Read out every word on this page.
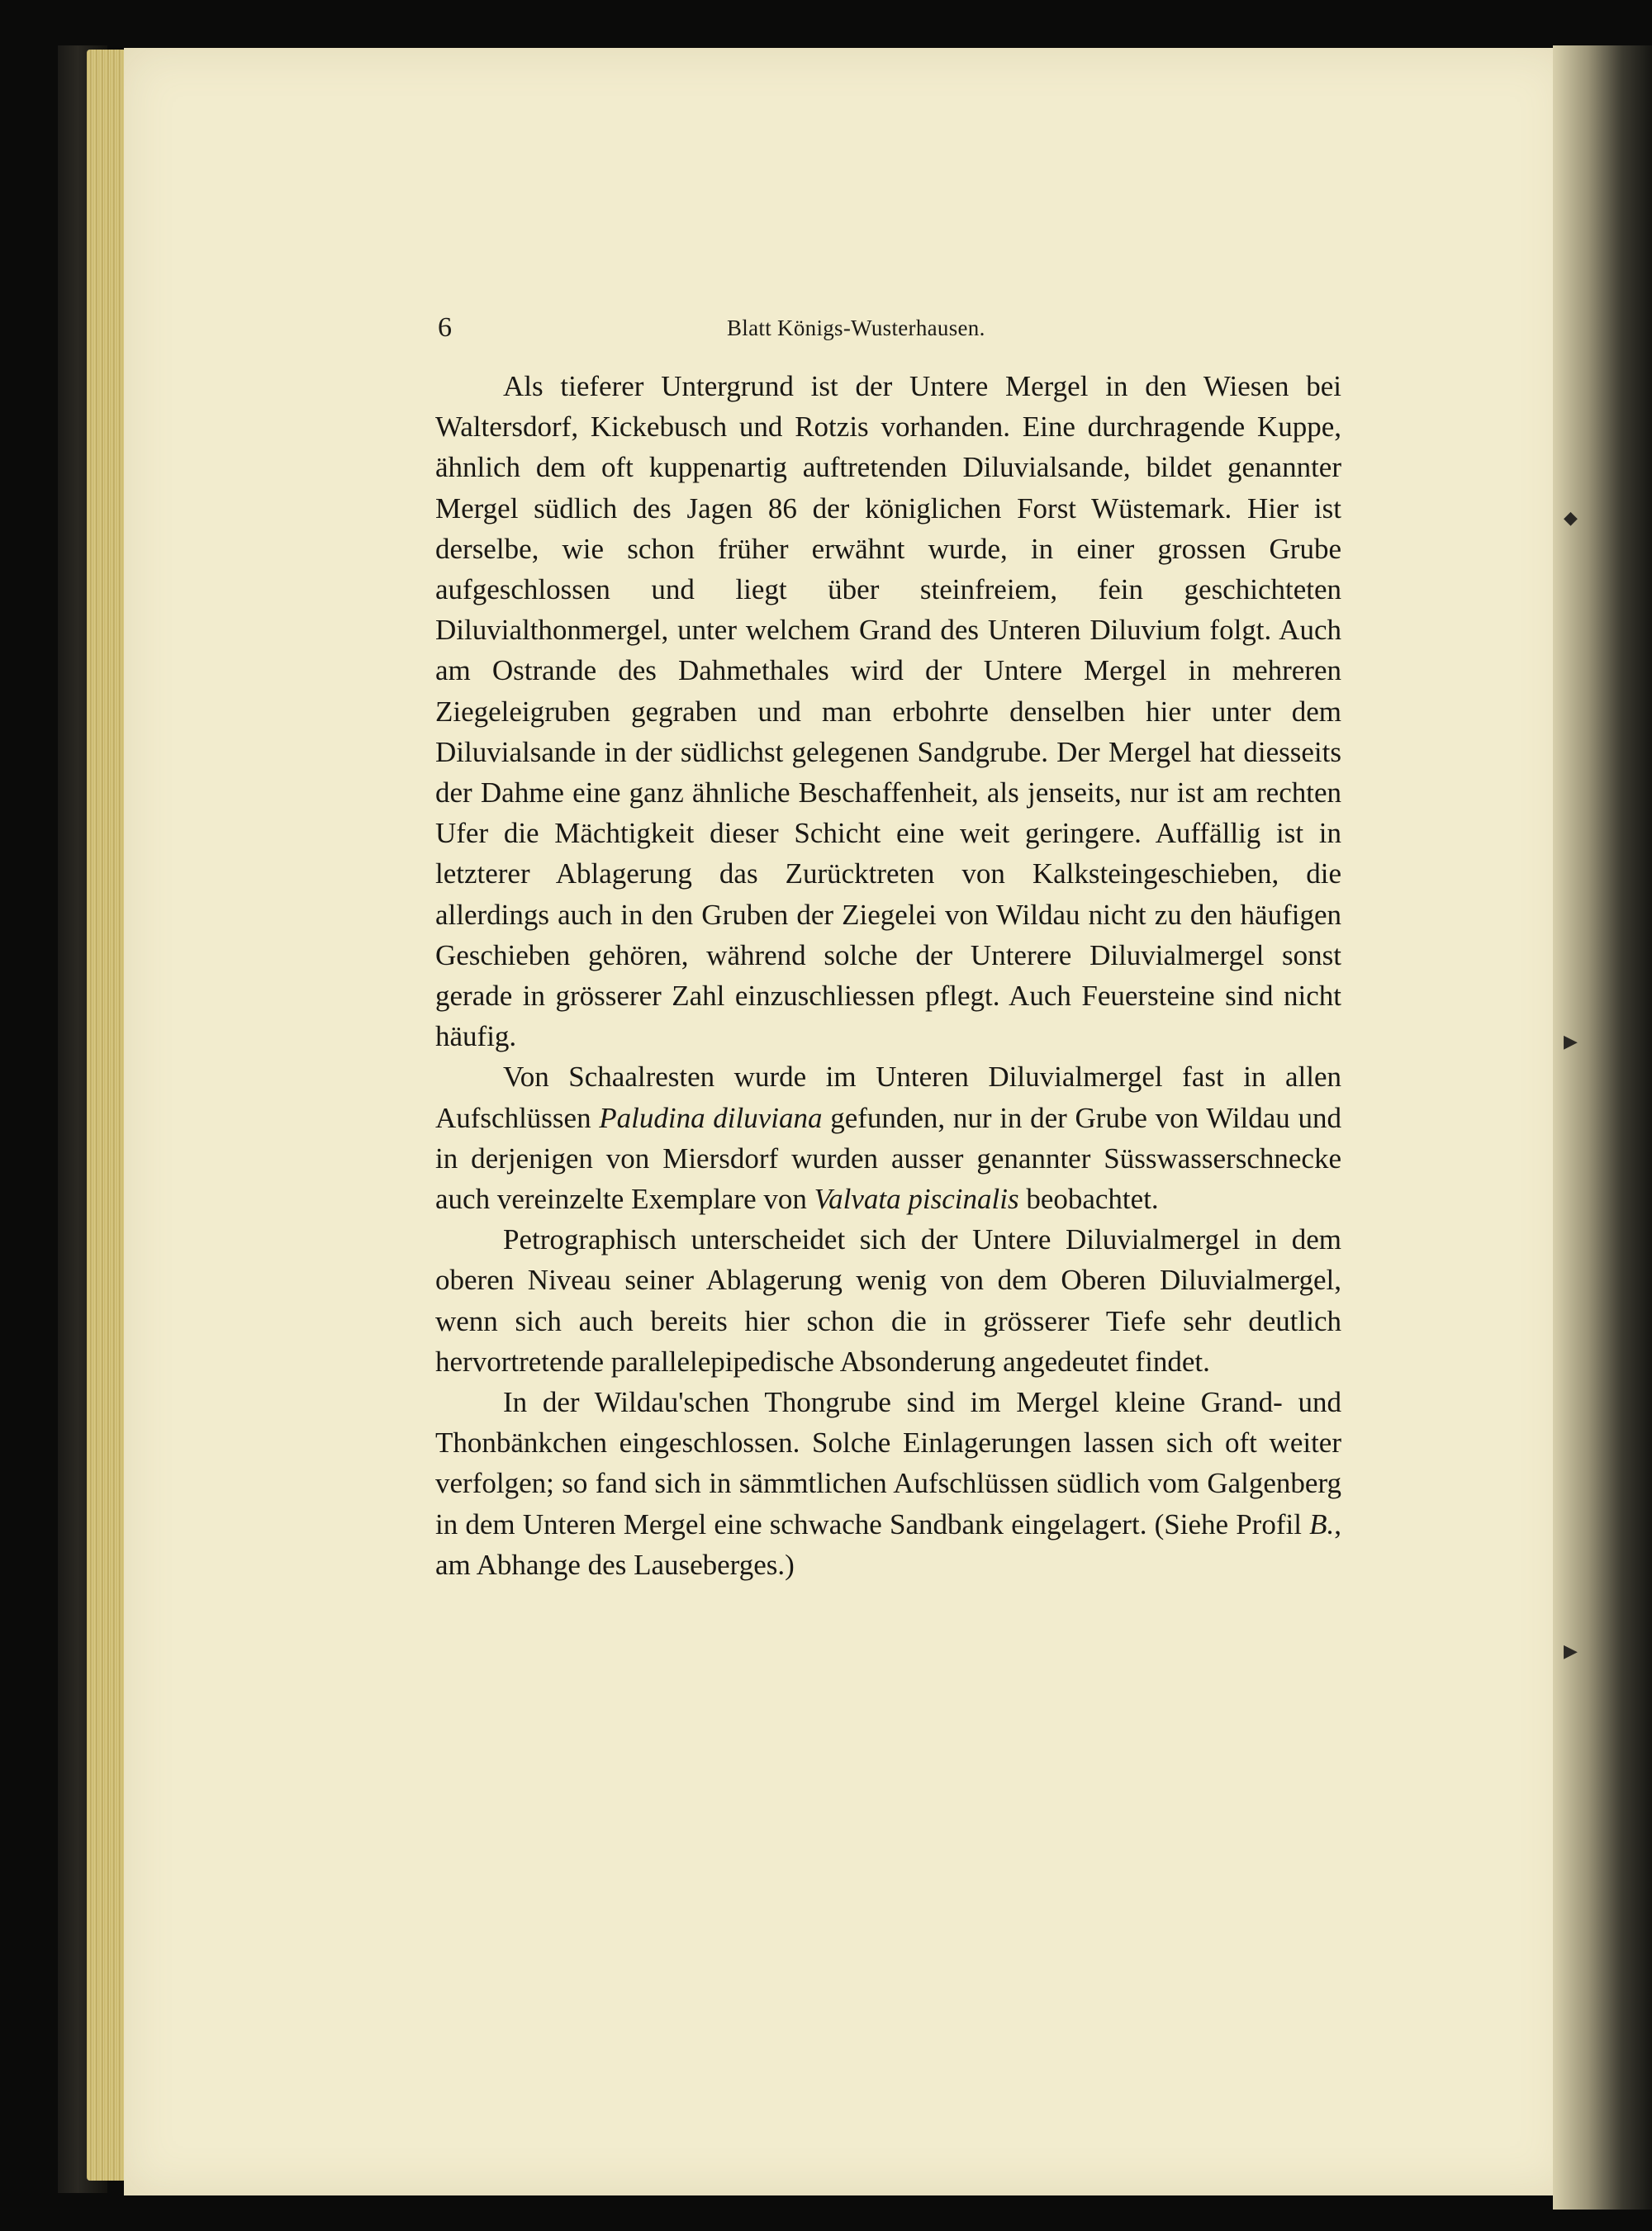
◆
▶
▶
6	Blatt Königs-Wusterhausen.

Als tieferer Untergrund ist der Untere Mergel in den Wiesen bei Waltersdorf, Kickebusch und Rotzis vorhanden. Eine durchragende Kuppe, ähnlich dem oft kuppenartig auftretenden Diluvialsande, bildet genannter Mergel südlich des Jagen 86 der königlichen Forst Wüstemark. Hier ist derselbe, wie schon früher erwähnt wurde, in einer grossen Grube aufgeschlossen und liegt über steinfreiem, fein geschichteten Diluvialthonmergel, unter welchem Grand des Unteren Diluvium folgt. Auch am Ostrande des Dahmethales wird der Untere Mergel in mehreren Ziegeleigruben gegraben und man erbohrte denselben hier unter dem Diluvialsande in der südlichst gelegenen Sandgrube. Der Mergel hat diesseits der Dahme eine ganz ähnliche Beschaffenheit, als jenseits, nur ist am rechten Ufer die Mächtigkeit dieser Schicht eine weit geringere. Auffällig ist in letzterer Ablagerung das Zurücktreten von Kalksteingeschieben, die allerdings auch in den Gruben der Ziegelei von Wildau nicht zu den häufigen Geschieben gehören, während solche der Unterere Diluvialmergel sonst gerade in grösserer Zahl einzuschliessen pflegt. Auch Feuersteine sind nicht häufig.

Von Schaalresten wurde im Unteren Diluvialmergel fast in allen Aufschlüssen Paludina diluviana gefunden, nur in der Grube von Wildau und in derjenigen von Miersdorf wurden ausser genannter Süsswasserschnecke auch vereinzelte Exemplare von Valvata piscinalis beobachtet.

Petrographisch unterscheidet sich der Untere Diluvialmergel in dem oberen Niveau seiner Ablagerung wenig von dem Oberen Diluvialmergel, wenn sich auch bereits hier schon die in grösserer Tiefe sehr deutlich hervortretende parallelepipedische Absonderung angedeutet findet.

In der Wildau'schen Thongrube sind im Mergel kleine Grand- und Thonbänkchen eingeschlossen. Solche Einlagerungen lassen sich oft weiter verfolgen; so fand sich in sämmtlichen Aufschlüssen südlich vom Galgenberg in dem Unteren Mergel eine schwache Sandbank eingelagert. (Siehe Profil B., am Abhange des Lauseberges.)
